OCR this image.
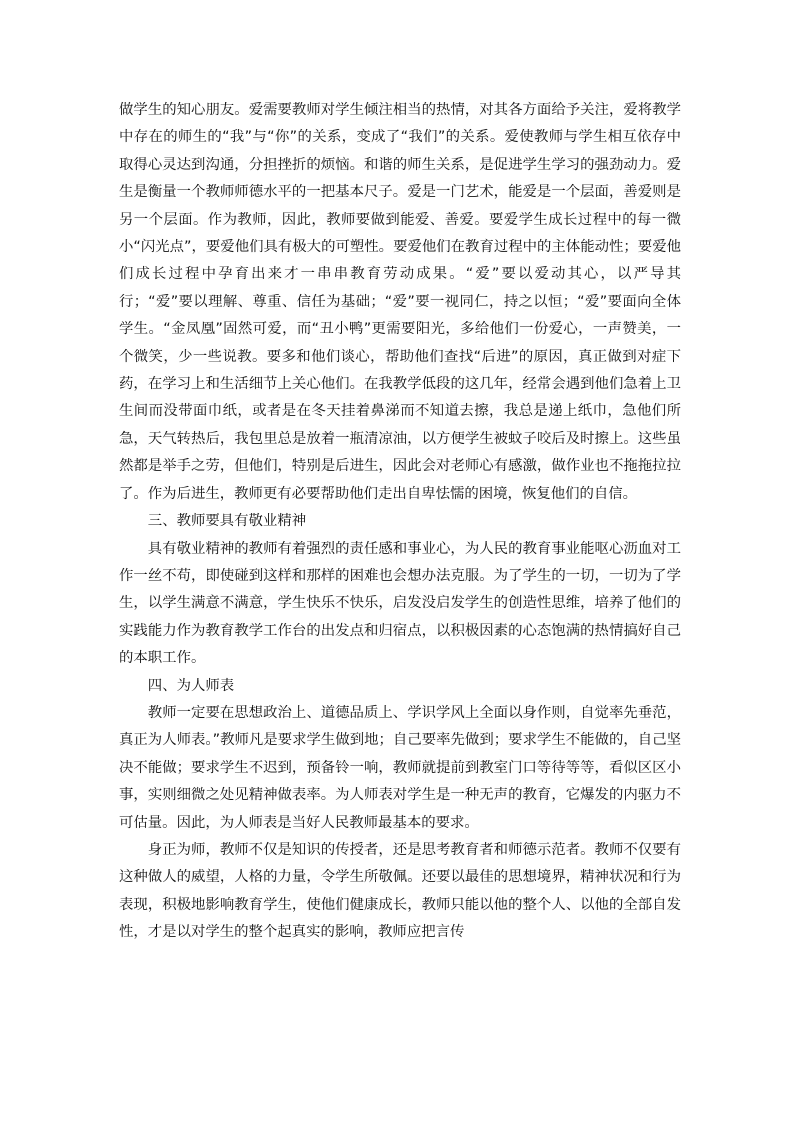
做学生的知心朋友。爱需要教师对学生倾注相当的热情，对其各方面给予关注，爱将教学中存在的师生的“我”与“你”的关系，变成了“我们”的关系。爱使教师与学生相互依存中取得心灵达到沟通，分担挫折的烦恼。和谐的师生关系，是促进学生学习的强劲动力。爱生是衡量一个教师师德水平的一把基本尺子。爱是一门艺术，能爱是一个层面，善爱则是另一个层面。作为教师，因此，教师要做到能爱、善爱。要爱学生成长过程中的每一微小“闪光点”，要爱他们具有极大的可塑性。要爱他们在教育过程中的主体能动性；要爱他们成长过程中孕育出来才一串串教育劳动成果。“爱”要以爱动其心，以严导其行；“爱”要以理解、尊重、信任为基础；“爱”要一视同仁，持之以恒；“爱”要面向全体学生。“金凤凰”固然可爱，而“丑小鸭”更需要阳光，多给他们一份爱心，一声赞美，一个微笑，少一些说教。要多和他们谈心，帮助他们查找“后进”的原因，真正做到对症下药，在学习上和生活细节上关心他们。在我教学低段的这几年，经常会遇到他们急着上卫生间而没带面巾纸，或者是在冬天挂着鼻涕而不知道去擦，我总是递上纸巾，急他们所急，天气转热后，我包里总是放着一瓶清凉油，以方便学生被蚊子咬后及时擦上。这些虽然都是举手之劳，但他们，特别是后进生，因此会对老师心有感激，做作业也不拖拖拉拉了。作为后进生，教师更有必要帮助他们走出自卑怯懦的困境，恢复他们的自信。

三、教师要具有敬业精神

具有敬业精神的教师有着强烈的责任感和事业心，为人民的教育事业能呕心沥血对工作一丝不苟，即使碰到这样和那样的困难也会想办法克服。为了学生的一切，一切为了学生，以学生满意不满意，学生快乐不快乐，启发没启发学生的创造性思维，培养了他们的实践能力作为教育教学工作台的出发点和归宿点，以积极因素的心态饱满的热情搞好自己的本职工作。

四、为人师表

教师一定要在思想政治上、道德品质上、学识学风上全面以身作则，自觉率先垂范，真正为人师表。”教师凡是要求学生做到地；自己要率先做到；要求学生不能做的，自己坚决不能做；要求学生不迟到，预备铃一响，教师就提前到教室门口等待等等，看似区区小事，实则细微之处见精神做表率。为人师表对学生是一种无声的教育，它爆发的内驱力不可估量。因此，为人师表是当好人民教师最基本的要求。

身正为师，教师不仅是知识的传授者，还是思考教育者和师德示范者。教师不仅要有这种做人的威望，人格的力量，令学生所敬佩。还要以最佳的思想境界，精神状况和行为表现，积极地影响教育学生，使他们健康成长，教师只能以他的整个人、以他的全部自发性，才是以对学生的整个起真实的影响，教师应把言传
